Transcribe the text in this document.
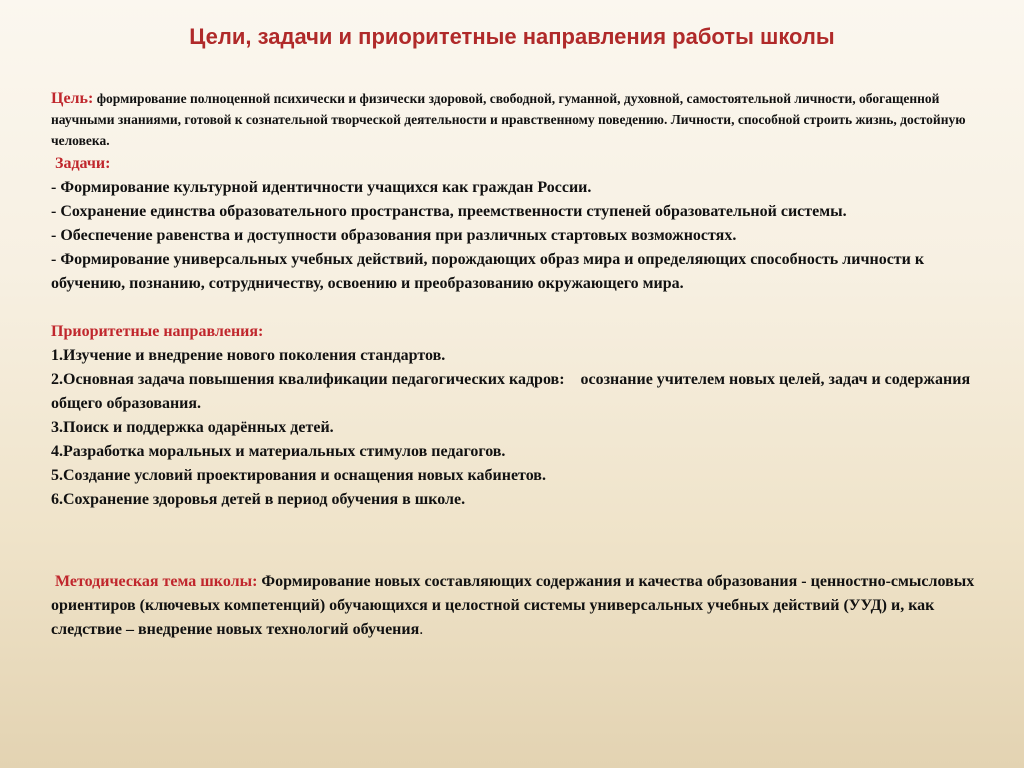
Цели, задачи и приоритетные направления работы школы
Цель: формирование полноценной психически и физически здоровой, свободной, гуманной, духовной, самостоятельной личности, обогащенной научными знаниями, готовой к сознательной творческой деятельности и нравственному поведению. Личности, способной строить жизнь, достойную человека.
Задачи:
- Формирование культурной идентичности учащихся как граждан России.
- Сохранение единства образовательного пространства, преемственности ступеней образовательной системы.
- Обеспечение равенства и доступности образования при различных стартовых возможностях.
- Формирование универсальных учебных действий, порождающих образ мира и определяющих способность личности к обучению, познанию, сотрудничеству, освоению и преобразованию окружающего мира.
Приоритетные направления:
1.Изучение и внедрение нового поколения стандартов.
2.Основная задача повышения квалификации педагогических кадров:    осознание учителем новых целей, задач и содержания общего образования.
3.Поиск и поддержка одарённых детей.
4.Разработка моральных и материальных стимулов педагогов.
5.Создание условий проектирования и оснащения новых кабинетов.
6.Сохранение здоровья детей в период обучения в школе.
Методическая тема школы: Формирование новых составляющих содержания и качества образования - ценностно-смысловых ориентиров (ключевых компетенций) обучающихся и целостной системы универсальных учебных действий (УУД) и, как следствие – внедрение новых технологий обучения.
